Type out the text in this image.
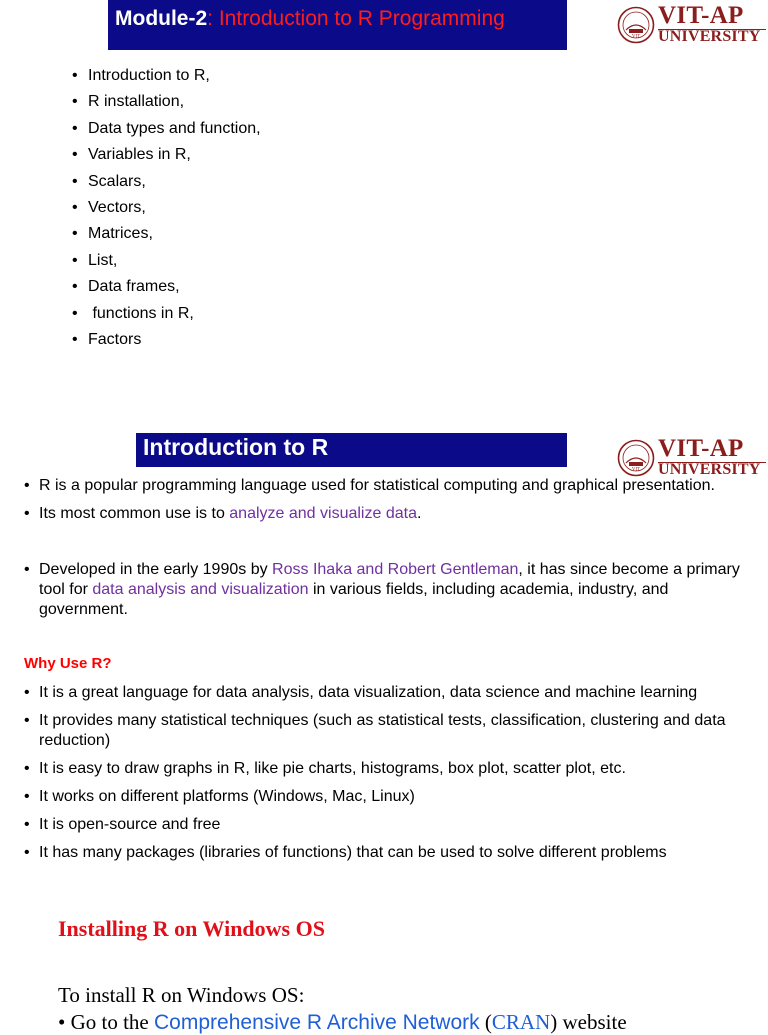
Module-2: Introduction to R Programming
VIT
VIT-AP
UNIVERSITY
• Introduction to R,
• R installation,
• Data types and function,
• Variables in R,
• Scalars,
• Vectors,
• Matrices,
• List,
• Data frames,
•  functions in R,
• Factors
Introduction to R
VIT
VIT-AP
UNIVERSITY
• R is a popular programming language used for statistical computing and graphical presentation.
• Its most common use is to analyze and visualize data.
• Developed in the early 1990s by Ross Ihaka and Robert Gentleman, it has since become a primary tool for data analysis and visualization in various fields, including academia, industry, and government.
Why Use R?
• It is a great language for data analysis, data visualization, data science and machine learning
• It provides many statistical techniques (such as statistical tests, classification, clustering and data reduction)
• It is easy to draw graphs in R, like pie charts, histograms, box plot, scatter plot, etc.
• It works on different platforms (Windows, Mac, Linux)
• It is open-source and free
• It has many packages (libraries of functions) that can be used to solve different problems
Installing R on Windows OS
To install R on Windows OS:
• Go to the Comprehensive R Archive Network (CRAN) website
